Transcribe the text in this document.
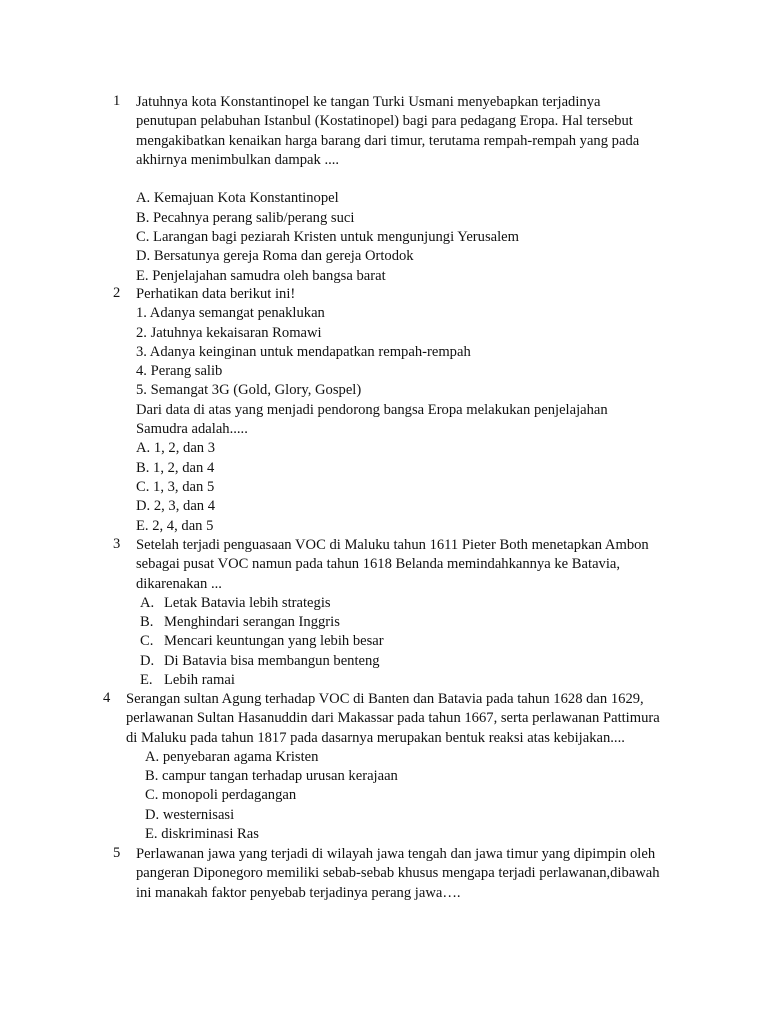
1 Jatuhnya kota Konstantinopel ke tangan Turki Usmani menyebapkan terjadinya
penutupan pelabuhan Istanbul (Kostatinopel) bagi para pedagang Eropa. Hal tersebut
mengakibatkan kenaikan harga barang dari timur, terutama rempah-rempah yang pada
akhirnya menimbulkan dampak ....
A. Kemajuan Kota Konstantinopel
B. Pecahnya perang salib/perang suci
C. Larangan bagi peziarah Kristen untuk mengunjungi Yerusalem
D. Bersatunya gereja Roma dan gereja Ortodok
E. Penjelajahan samudra oleh bangsa barat
2 Perhatikan data berikut ini!
1. Adanya semangat penaklukan
2. Jatuhnya kekaisaran Romawi
3. Adanya keinginan untuk mendapatkan rempah-rempah
4. Perang salib
5. Semangat 3G (Gold, Glory, Gospel)
Dari data di atas yang menjadi pendorong bangsa Eropa melakukan penjelajahan
Samudra adalah.....
A. 1, 2, dan 3
B. 1, 2, dan 4
C. 1, 3, dan 5
D. 2, 3, dan 4
E. 2, 4, dan 5
3 Setelah terjadi penguasaan VOC di Maluku tahun 1611 Pieter Both menetapkan Ambon
sebagai pusat VOC namun pada tahun 1618 Belanda memindahkannya ke Batavia,
dikarenakan ...
A. Letak Batavia lebih strategis
B. Menghindari serangan Inggris
C. Mencari keuntungan yang lebih besar
D. Di Batavia bisa membangun benteng
E. Lebih ramai
4 Serangan sultan Agung terhadap VOC di Banten dan Batavia pada tahun 1628 dan 1629,
perlawanan Sultan Hasanuddin dari Makassar pada tahun 1667, serta perlawanan Pattimura
di Maluku pada tahun 1817 pada dasarnya merupakan bentuk reaksi atas kebijakan....
A. penyebaran agama Kristen
B. campur tangan terhadap urusan kerajaan
C. monopoli perdagangan
D. westernisasi
E. diskriminasi Ras
5 Perlawanan jawa yang terjadi di wilayah jawa tengah dan jawa timur yang dipimpin oleh
pangeran Diponegoro memiliki sebab-sebab khusus mengapa terjadi perlawanan,dibawah
ini manakah faktor penyebab terjadinya perang jawa….
